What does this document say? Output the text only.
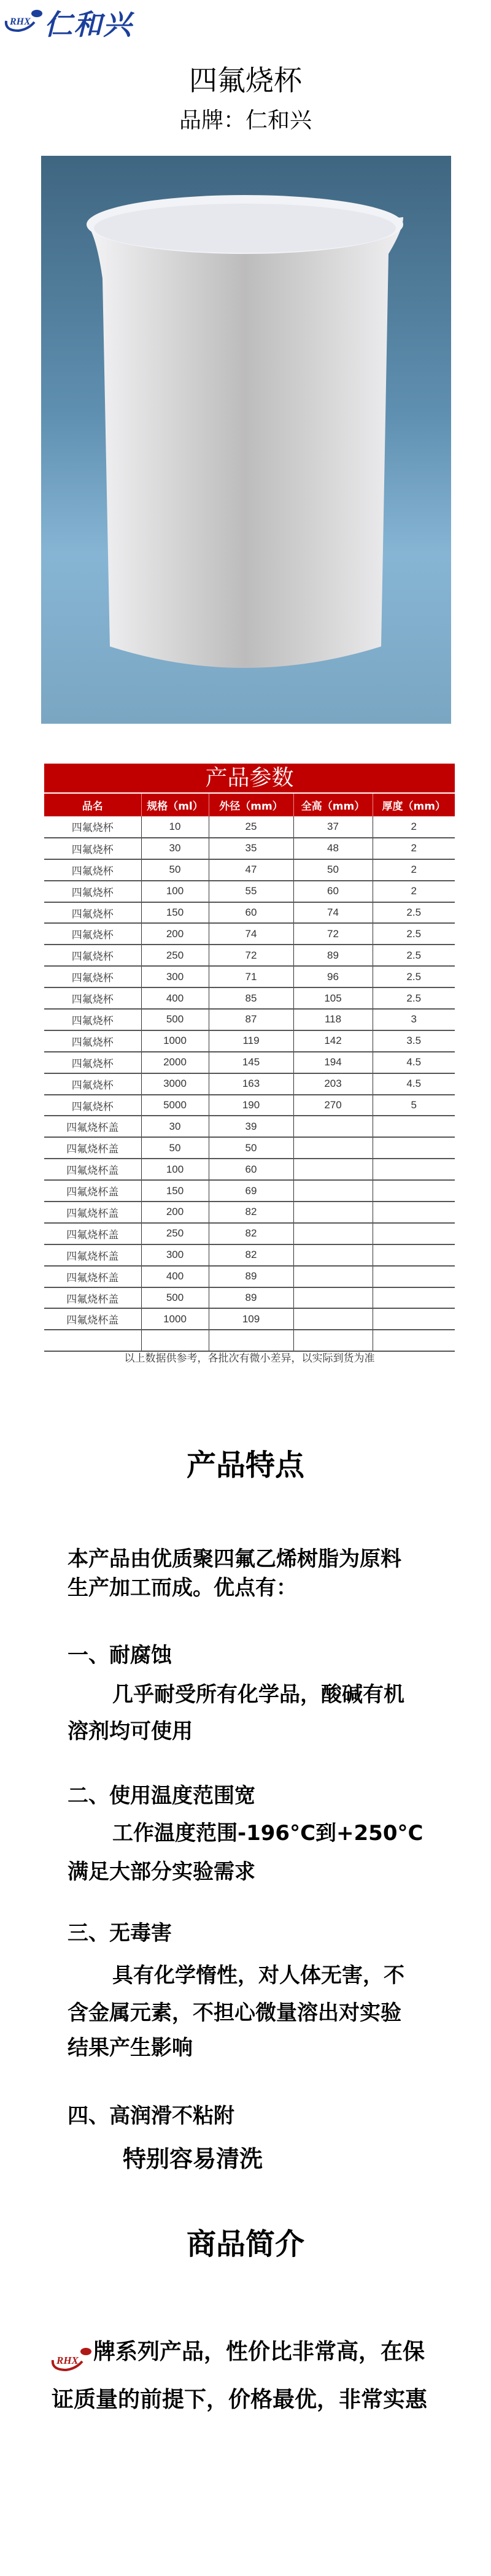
RHX 仁和兴
四氟烧杯
品牌：仁和兴
产品参数
品名	规格（ml）	外径（mm）	全高（mm）	厚度（mm）
四氟烧杯	10	25	37	2
四氟烧杯	30	35	48	2
四氟烧杯	50	47	50	2
四氟烧杯	100	55	60	2
四氟烧杯	150	60	74	2.5
四氟烧杯	200	74	72	2.5
四氟烧杯	250	72	89	2.5
四氟烧杯	300	71	96	2.5
四氟烧杯	400	85	105	2.5
四氟烧杯	500	87	118	3
四氟烧杯	1000	119	142	3.5
四氟烧杯	2000	145	194	4.5
四氟烧杯	3000	163	203	4.5
四氟烧杯	5000	190	270	5
四氟烧杯盖	30	39		
四氟烧杯盖	50	50		
四氟烧杯盖	100	60		
四氟烧杯盖	150	69		
四氟烧杯盖	200	82		
四氟烧杯盖	250	82		
四氟烧杯盖	300	82		
四氟烧杯盖	400	89		
四氟烧杯盖	500	89		
四氟烧杯盖	1000	109		

以上数据供参考，各批次有微小差异，以实际到货为准
产品特点
本产品由优质聚四氟乙烯树脂为原料
生产加工而成。优点有：
一、耐腐蚀
几乎耐受所有化学品，酸碱有机
溶剂均可使用
二、使用温度范围宽
工作温度范围-196°C到+250°C
满足大部分实验需求
三、无毒害
具有化学惰性，对人体无害，不
含金属元素，不担心微量溶出对实验
结果产生影响
四、高润滑不粘附
特别容易清洗
商品简介
RHX 牌系列产品，性价比非常高，在保
证质量的前提下，价格最优，非常实惠
